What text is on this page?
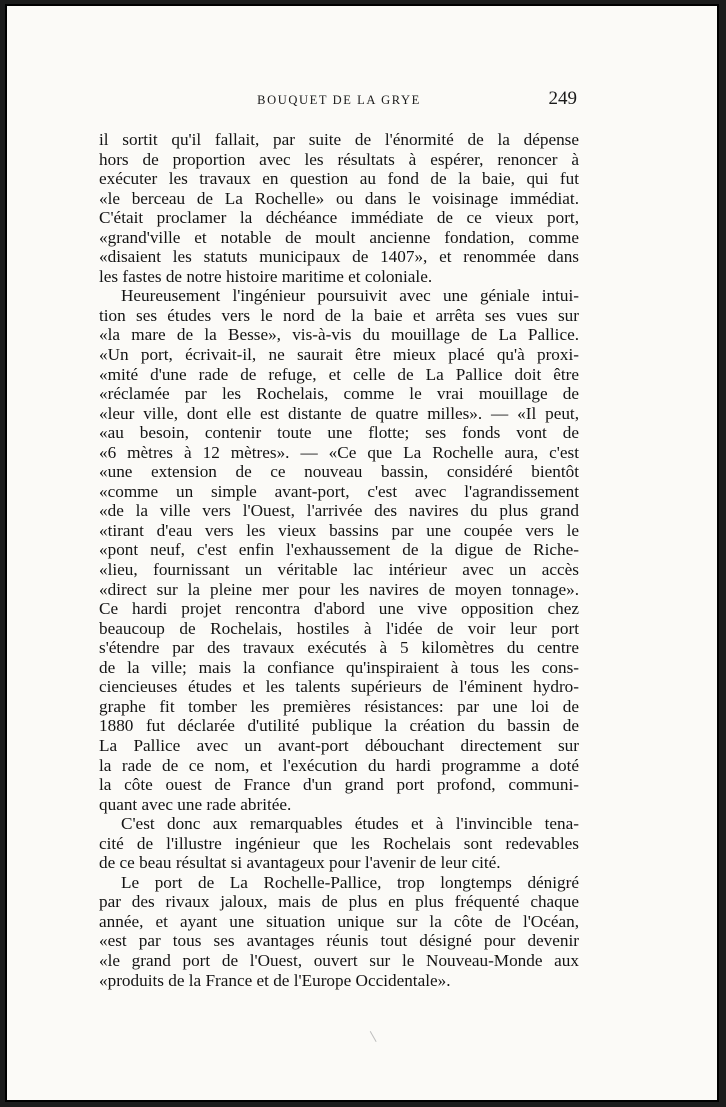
BOUQUET DE LA GRYE	249
il sortit qu'il fallait, par suite de l'énormité de la dépense
hors de proportion avec les résultats à espérer, renoncer à
exécuter les travaux en question au fond de la baie, qui fut
«le berceau de La Rochelle» ou dans le voisinage immédiat.
C'était proclamer la déchéance immédiate de ce vieux port,
«grand'ville et notable de moult ancienne fondation, comme
«disaient les statuts municipaux de 1407», et renommée dans
les fastes de notre histoire maritime et coloniale.
Heureusement l'ingénieur poursuivit avec une géniale intui-
tion ses études vers le nord de la baie et arrêta ses vues sur
«la mare de la Besse», vis-à-vis du mouillage de La Pallice.
«Un port, écrivait-il, ne saurait être mieux placé qu'à proxi-
«mité d'une rade de refuge, et celle de La Pallice doit être
«réclamée par les Rochelais, comme le vrai mouillage de
«leur ville, dont elle est distante de quatre milles». — «Il peut,
«au besoin, contenir toute une flotte; ses fonds vont de
«6 mètres à 12 mètres». — «Ce que La Rochelle aura, c'est
«une extension de ce nouveau bassin, considéré bientôt
«comme un simple avant-port, c'est avec l'agrandissement
«de la ville vers l'Ouest, l'arrivée des navires du plus grand
«tirant d'eau vers les vieux bassins par une coupée vers le
«pont neuf, c'est enfin l'exhaussement de la digue de Riche-
«lieu, fournissant un véritable lac intérieur avec un accès
«direct sur la pleine mer pour les navires de moyen tonnage».
Ce hardi projet rencontra d'abord une vive opposition chez
beaucoup de Rochelais, hostiles à l'idée de voir leur port
s'étendre par des travaux exécutés à 5 kilomètres du centre
de la ville; mais la confiance qu'inspiraient à tous les cons-
ciencieuses études et les talents supérieurs de l'éminent hydro-
graphe fit tomber les premières résistances: par une loi de
1880 fut déclarée d'utilité publique la création du bassin de
La Pallice avec un avant-port débouchant directement sur
la rade de ce nom, et l'exécution du hardi programme a doté
la côte ouest de France d'un grand port profond, communi-
quant avec une rade abritée.
C'est donc aux remarquables études et à l'invincible tena-
cité de l'illustre ingénieur que les Rochelais sont redevables
de ce beau résultat si avantageux pour l'avenir de leur cité.
Le port de La Rochelle-Pallice, trop longtemps dénigré
par des rivaux jaloux, mais de plus en plus fréquenté chaque
année, et ayant une situation unique sur la côte de l'Océan,
«est par tous ses avantages réunis tout désigné pour devenir
«le grand port de l'Ouest, ouvert sur le Nouveau-Monde aux
«produits de la France et de l'Europe Occidentale».
